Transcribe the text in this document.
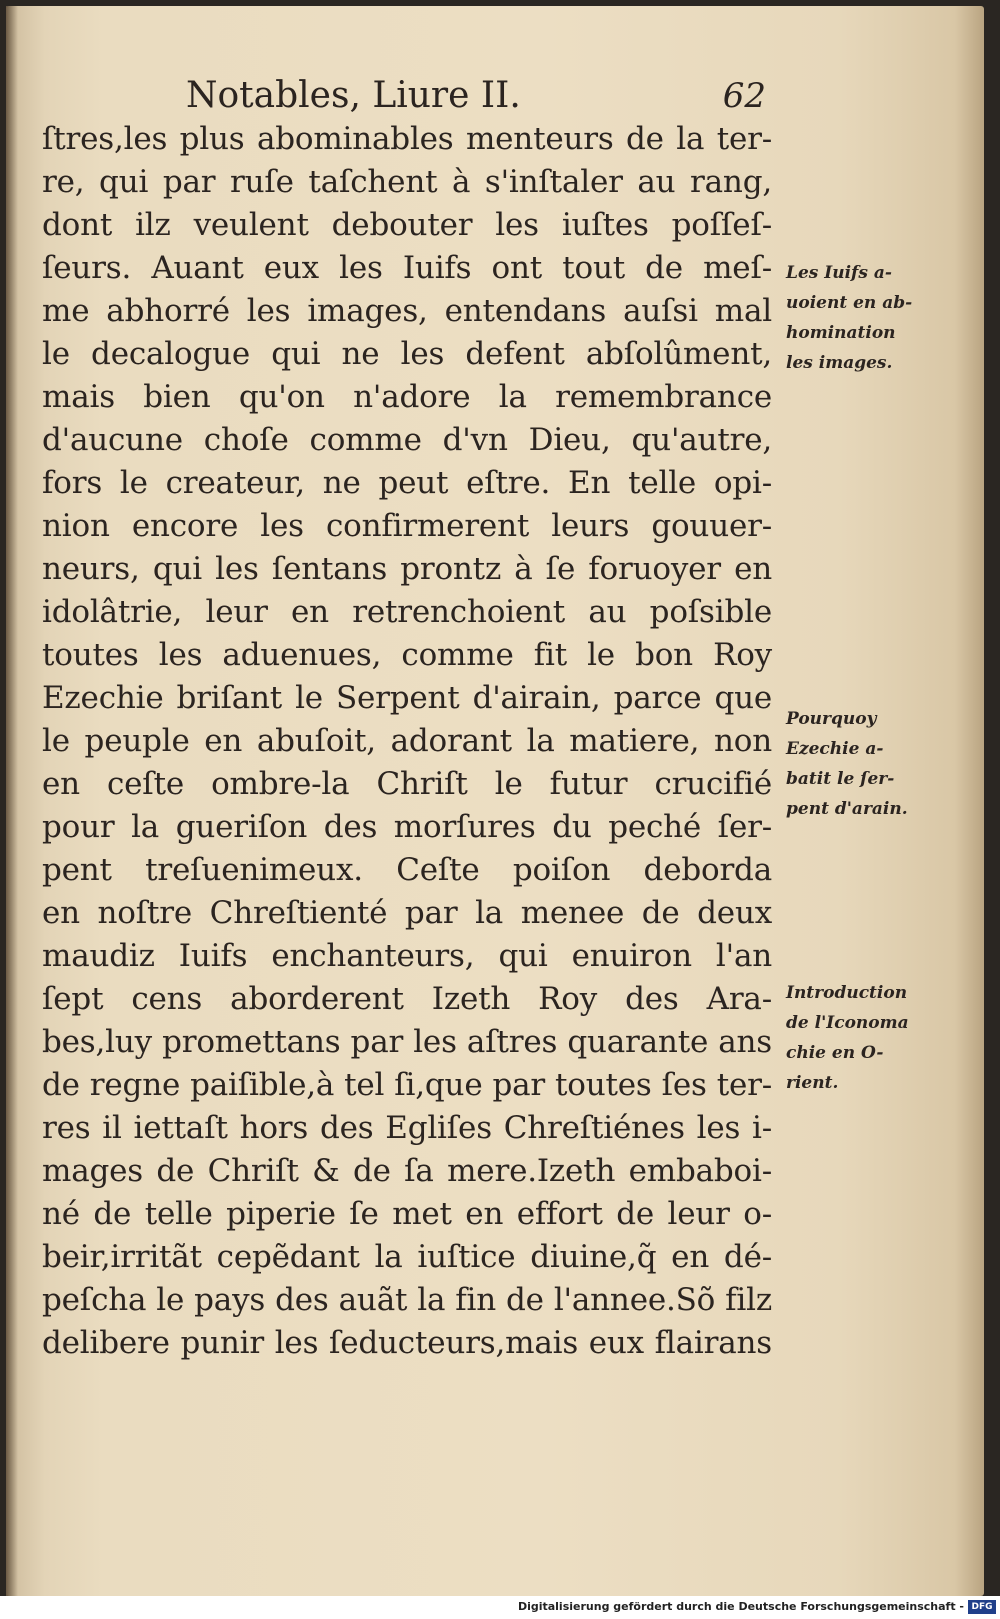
Notables, Liure II.	62
ſtres,les plus abominables menteurs de la ter-
re, qui par ruſe taſchent à s'inſtaler au rang,
dont ilz veulent debouter les iuſtes poſſeſ-
ſeurs. Auant eux les Iuifs ont tout de meſ-
me abhorré les images, entendans auſsi mal
le decalogue qui ne les defent abſolûment,
mais bien qu'on n'adore la remembrance
d'aucune choſe comme d'vn Dieu, qu'autre,
fors le createur, ne peut eſtre. En telle opi-
nion encore les confirmerent leurs gouuer-
neurs, qui les ſentans prontz à ſe foruoyer en
idolâtrie, leur en retrenchoient au poſsible
toutes les aduenues, comme fit le bon Roy
Ezechie briſant le Serpent d'airain, parce que
le peuple en abuſoit, adorant la matiere, non
en ceſte ombre-la Chriſt le futur crucifié
pour la gueriſon des morſures du peché ſer-
pent treſuenimeux. Ceſte poiſon deborda
en noſtre Chreſtienté par la menee de deux
maudiz Iuifs enchanteurs, qui enuiron l'an
ſept cens aborderent Izeth Roy des Ara-
bes,luy promettans par les aſtres quarante ans
de regne paiſible,à tel ſi,que par toutes ſes ter-
res il iettaſt hors des Egliſes Chreſtiénes les i-
mages de Chriſt & de ſa mere.Izeth embaboi-
né de telle piperie ſe met en effort de leur o-
beir,irritãt cepẽdant la iuſtice diuine,q̃ en dé-
peſcha le pays des auãt la fin de l'annee.Sõ filz
delibere punir les ſeducteurs,mais eux flairans
Les Iuifs a-
uoient en ab-
homination
les images.
Pourquoy
Ezechie a-
batit le ſer-
pent d'arain.
Introduction
de l'Iconoma
chie en O-
rient.
Digitalisierung gefördert durch die Deutsche Forschungsgemeinschaft - DFG
